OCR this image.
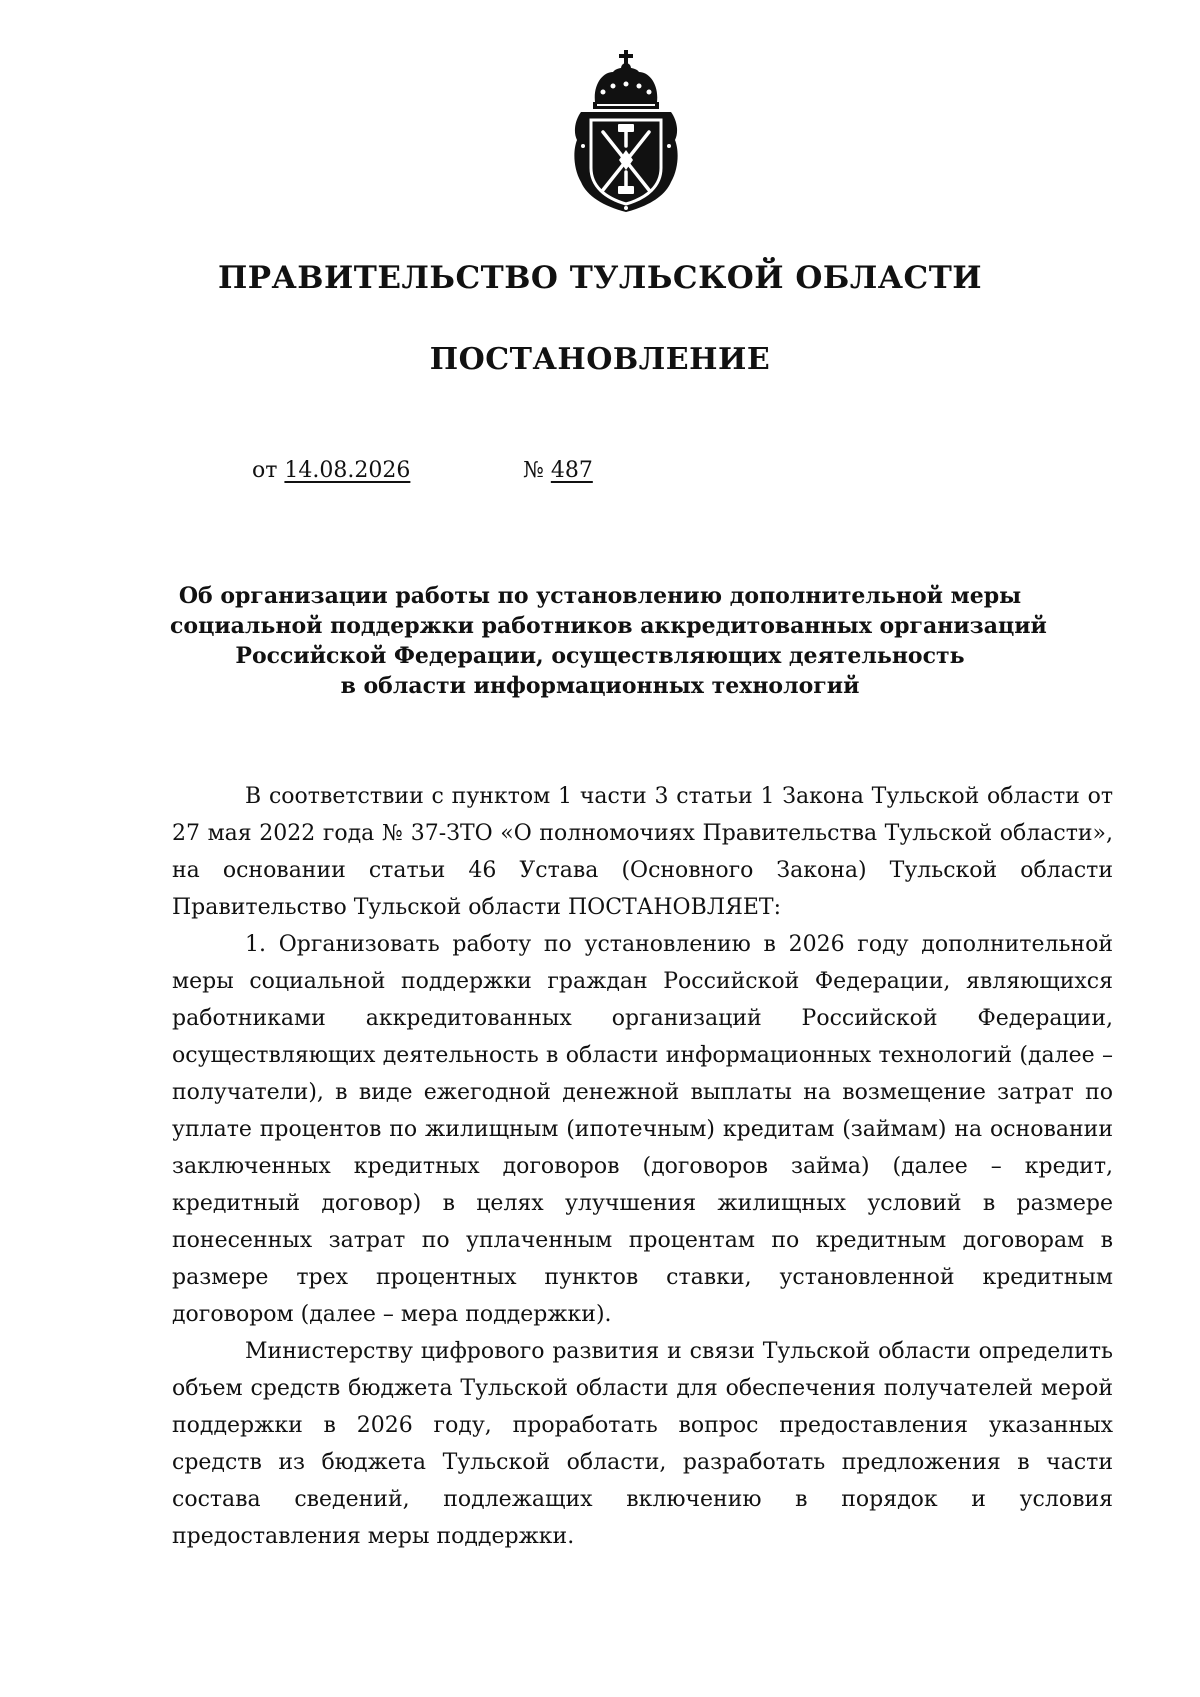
ПРАВИТЕЛЬСТВО ТУЛЬСКОЙ ОБЛАСТИ
ПОСТАНОВЛЕНИЕ
от 14.08.2026	№ 487
Об организации работы по установлению дополнительной меры
социальной поддержки работников аккредитованных организаций
Российской Федерации, осуществляющих деятельность
в области информационных технологий

В соответствии с пунктом 1 части 3 статьи 1 Закона Тульской области от 27 мая 2022 года № 37-ЗТО «О полномочиях Правительства Тульской области», на основании статьи 46 Устава (Основного Закона) Тульской области Правительство Тульской области ПОСТАНОВЛЯЕТ:

1. Организовать работу по установлению в 2026 году дополнительной меры социальной поддержки граждан Российской Федерации, являющихся работниками аккредитованных организаций Российской Федерации, осуществляющих деятельность в области информационных технологий (далее – получатели), в виде ежегодной денежной выплаты на возмещение затрат по уплате процентов по жилищным (ипотечным) кредитам (займам) на основании заключенных кредитных договоров (договоров займа) (далее – кредит, кредитный договор) в целях улучшения жилищных условий в размере понесенных затрат по уплаченным процентам по кредитным договорам в размере трех процентных пунктов ставки, установленной кредитным договором (далее – мера поддержки).

Министерству цифрового развития и связи Тульской области определить объем средств бюджета Тульской области для обеспечения получателей мерой поддержки в 2026 году, проработать вопрос предоставления указанных средств из бюджета Тульской области, разработать предложения в части состава сведений, подлежащих включению в порядок и условия предоставления меры поддержки.
